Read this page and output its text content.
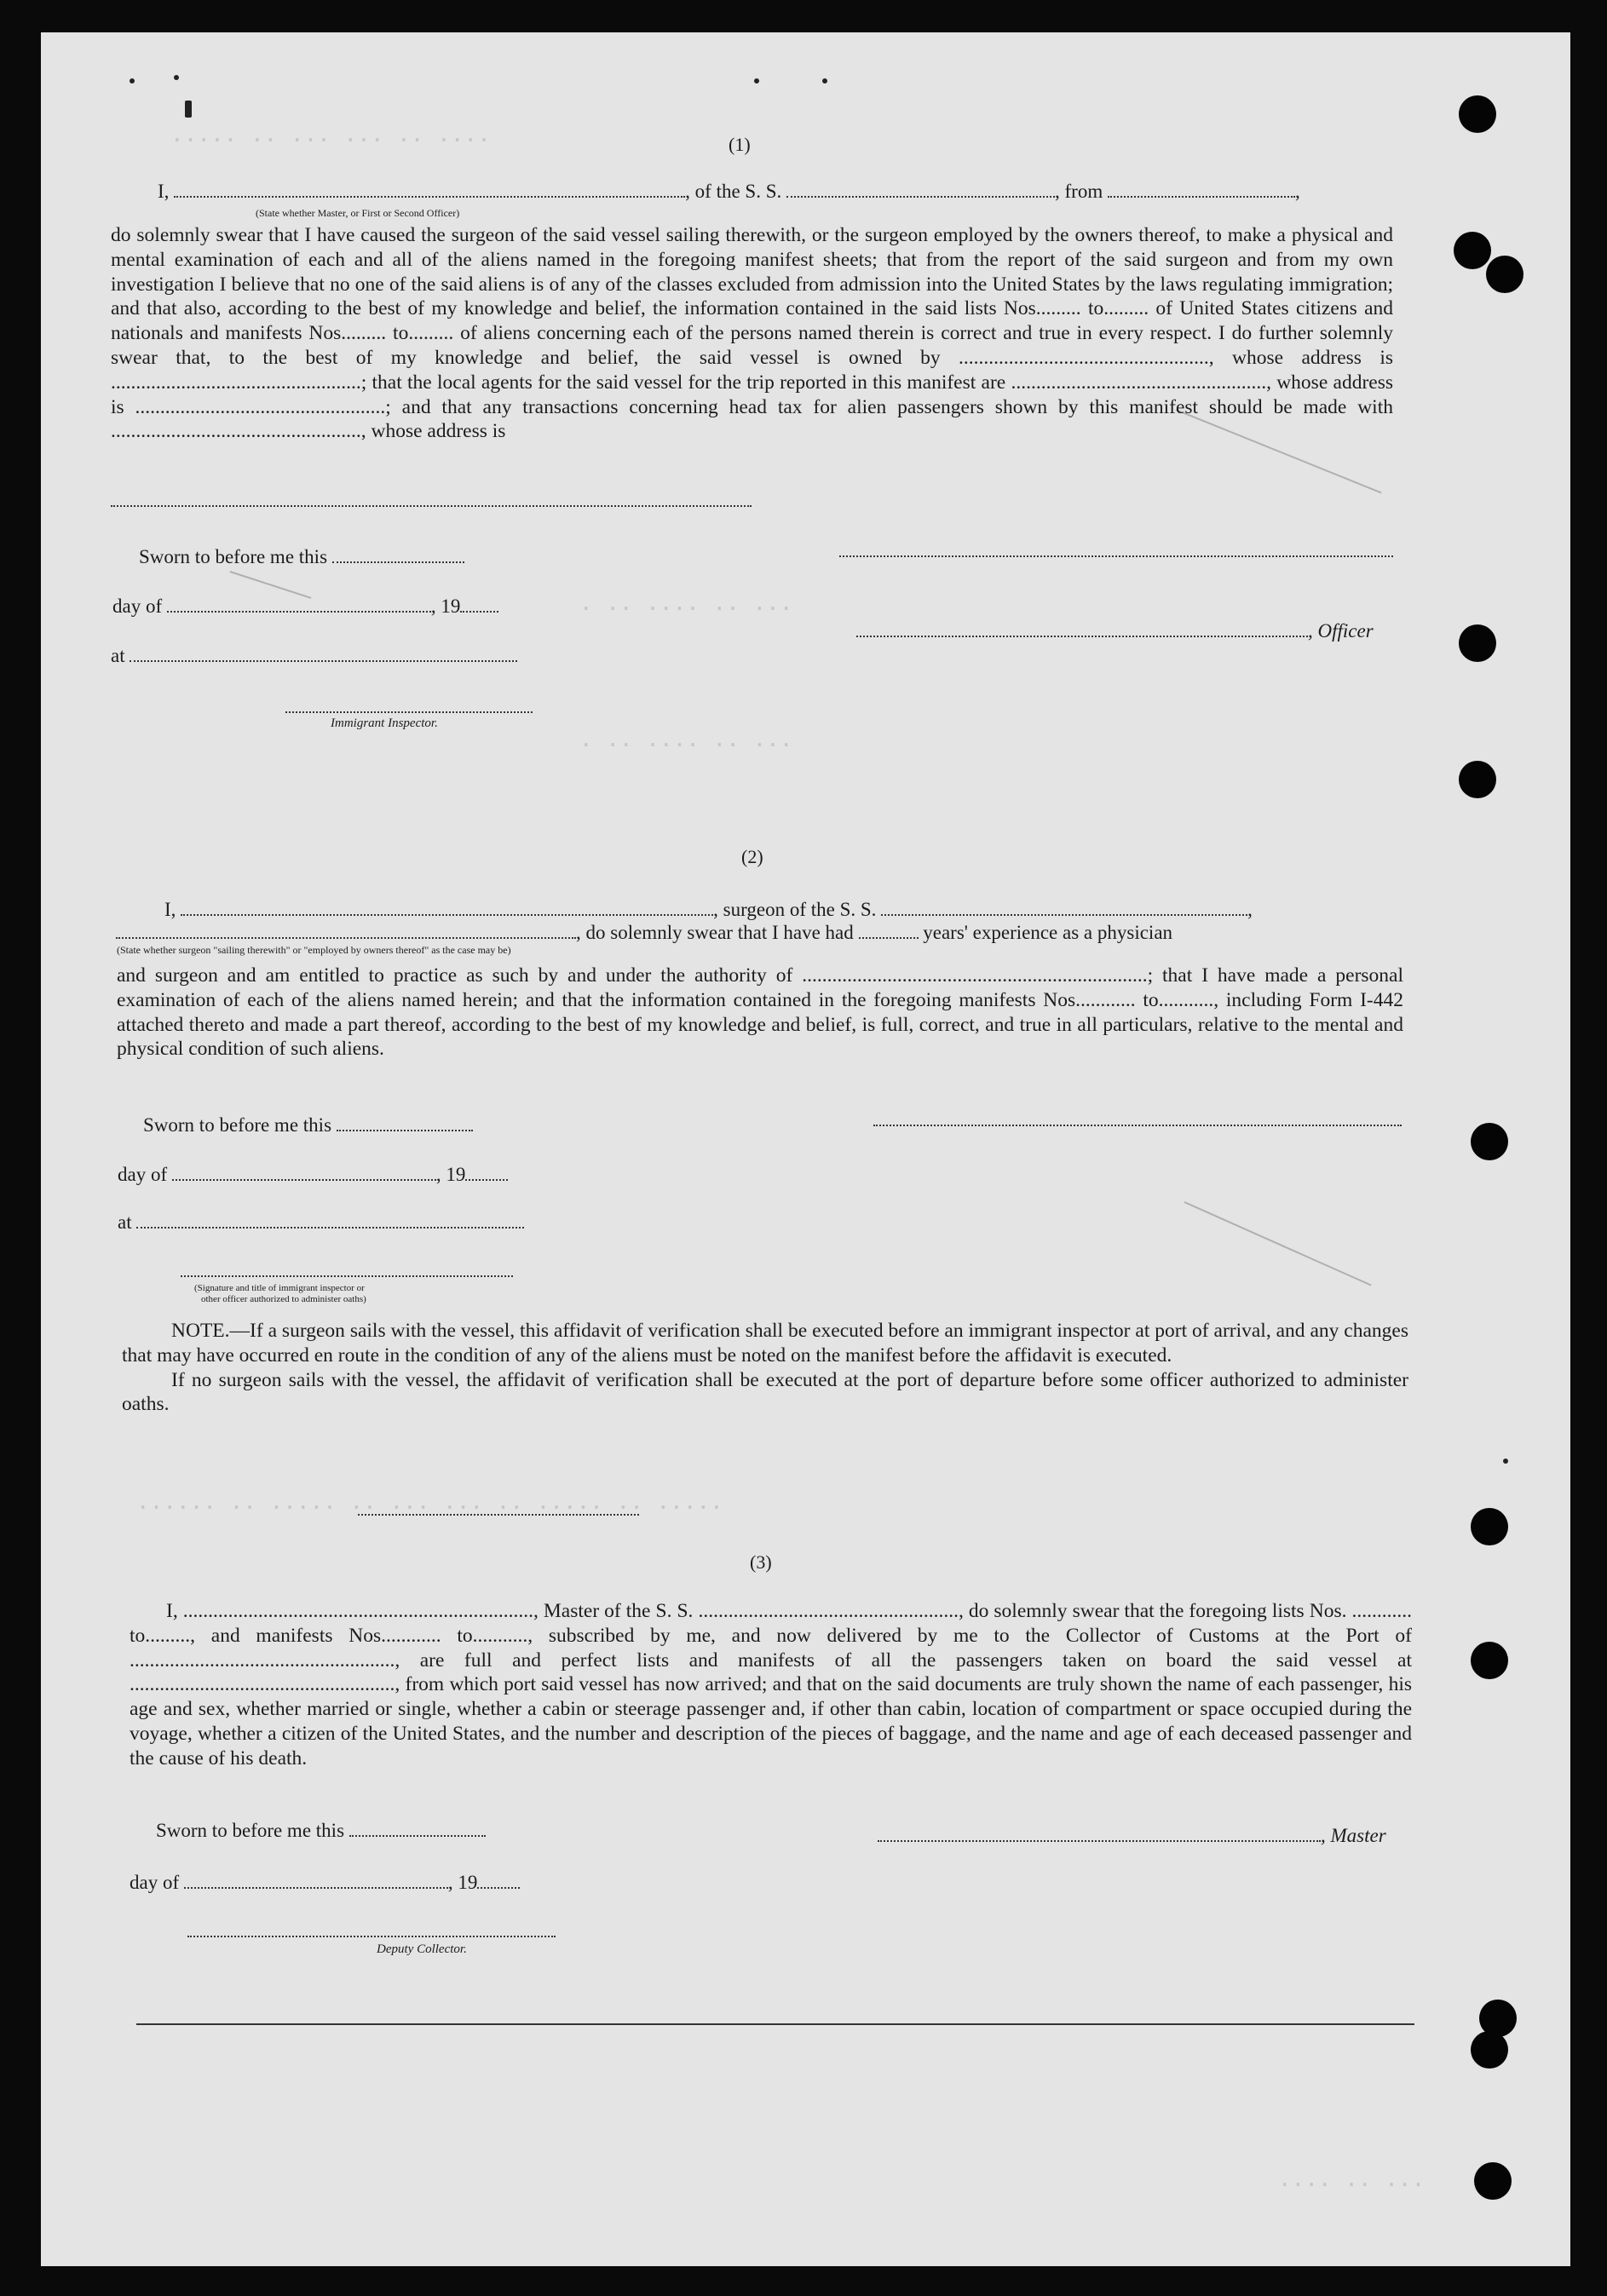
···· ·· ··· ··· ·· ·····
··· ·· ···· ·· ·
··· ·· ···· ·· ·
····· ·· ····· ·· ··· ··· ·· ····· ·· ······
··· ·· ····
(1)
I,	, of the S. S.	, from	,
(State whether Master, or First or Second Officer)

do solemnly swear that I have caused the surgeon of the said vessel sailing therewith, or the surgeon employed by the owners thereof, to make a physical and mental examination of each and all of the aliens named in the foregoing manifest sheets; that from the report of the said surgeon and from my own investigation I believe that no one of the said aliens is of any of the classes excluded from admission into the United States by the laws regulating immigration; and that also, according to the best of my knowledge and belief, the information contained in the said lists Nos......... to......... of United States citizens and nationals and manifests Nos......... to......... of aliens concerning each of the persons named therein is correct and true in every respect. I do further solemnly swear that, to the best of my knowledge and belief, the said vessel is owned by .................................................., whose address is ..................................................; that the local agents for the said vessel for the trip reported in this manifest are ..................................................., whose address is ..................................................; and that any transactions concerning head tax for alien passengers shown by this manifest should be made with .................................................., whose address is

Sworn to before me this
day of	, 19
, Officer
at
Immigrant Inspector.
(2)
I,	, surgeon of the S. S.	,
, do solemnly swear that I have had	years' experience as a physician
(State whether surgeon "sailing therewith" or "employed by owners thereof" as the case may be)

and surgeon and am entitled to practice as such by and under the authority of .....................................................................; that I have made a personal examination of each of the aliens named herein; and that the information contained in the foregoing manifests Nos............ to..........., including Form I-442 attached thereto and made a part thereof, according to the best of my knowledge and belief, is full, correct, and true in all particulars, relative to the mental and physical condition of such aliens.

Sworn to before me this
day of	, 19
at
(Signature and title of immigrant inspector or
other officer authorized to administer oaths)

NOTE.—If a surgeon sails with the vessel, this affidavit of verification shall be executed before an immigrant inspector at port of arrival, and any changes that may have occurred en route in the condition of any of the aliens must be noted on the manifest before the affidavit is executed.

If no surgeon sails with the vessel, the affidavit of verification shall be executed at the port of departure before some officer authorized to administer oaths.

(3)

I, ......................................................................, Master of the S. S. ...................................................., do solemnly swear that the foregoing lists Nos. ............ to........., and manifests Nos............ to..........., subscribed by me, and now delivered by me to the Collector of Customs at the Port of ....................................................., are full and perfect lists and manifests of all the passengers taken on board the said vessel at ....................................................., from which port said vessel has now arrived; and that on the said documents are truly shown the name of each passenger, his age and sex, whether married or single, whether a cabin or steerage passenger and, if other than cabin, location of compartment or space occupied during the voyage, whether a citizen of the United States, and the number and description of the pieces of baggage, and the name and age of each deceased passenger and the cause of his death.

Sworn to before me this	, Master
day of	, 19
Deputy Collector.
